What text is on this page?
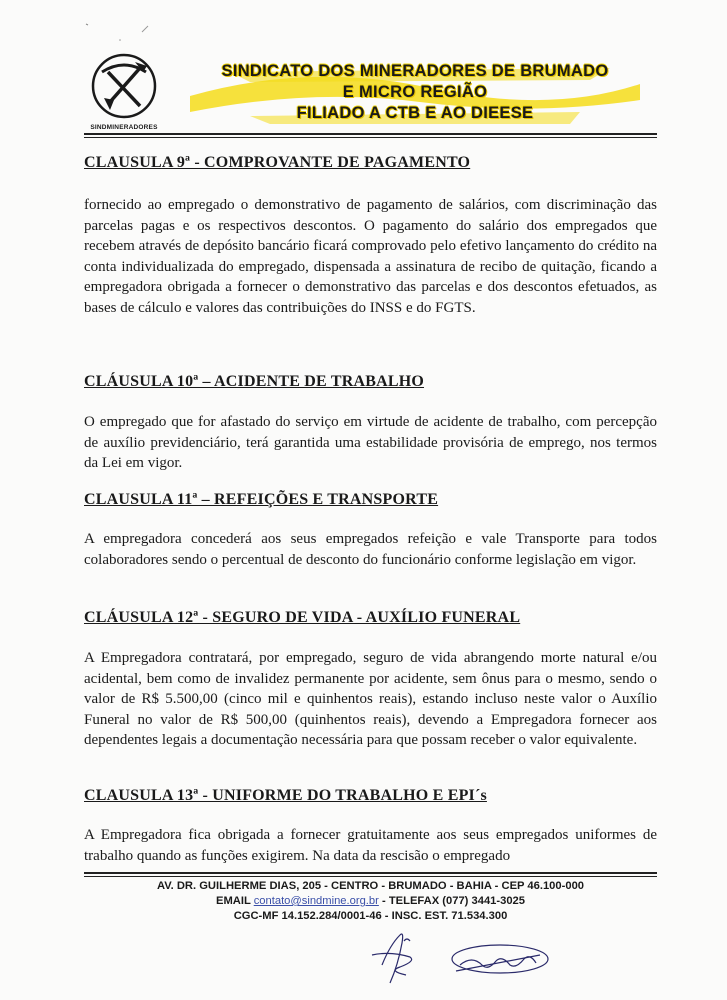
SINDMINERADORES
SINDICATO DOS MINERADORES DE BRUMADO
E MICRO REGIÃO
FILIADO A CTB E AO DIEESE
CLAUSULA 9ª - COMPROVANTE DE PAGAMENTO

fornecido ao empregado o demonstrativo de pagamento de salários, com discriminação das parcelas pagas e os respectivos descontos. O pagamento do salário dos empregados que recebem através de depósito bancário ficará comprovado pelo efetivo lançamento do crédito na conta individualizada do empregado, dispensada a assinatura de recibo de quitação, ficando a empregadora obrigada a fornecer o demonstrativo das parcelas e dos descontos efetuados, as bases de cálculo e valores das contribuições do INSS e do FGTS.

CLÁUSULA 10ª – ACIDENTE DE TRABALHO

O empregado que for afastado do serviço em virtude de acidente de trabalho, com percepção de auxílio previdenciário, terá garantida uma estabilidade provisória de emprego, nos termos da Lei em vigor.

CLAUSULA 11ª – REFEIÇÕES E TRANSPORTE

A empregadora concederá aos seus empregados refeição e vale Transporte para todos colaboradores sendo o percentual de desconto do funcionário conforme legislação em vigor.

CLÁUSULA 12ª - SEGURO DE VIDA - AUXÍLIO FUNERAL

A Empregadora contratará, por empregado, seguro de vida abrangendo morte natural e/ou acidental, bem como de invalidez permanente por acidente, sem ônus para o mesmo, sendo o valor de R$ 5.500,00 (cinco mil e quinhentos reais), estando incluso neste valor o Auxílio Funeral no valor de R$ 500,00 (quinhentos reais), devendo a Empregadora fornecer aos dependentes legais a documentação necessária para que possam receber o valor equivalente.

CLAUSULA 13ª - UNIFORME DO TRABALHO E EPI´s

A Empregadora fica obrigada a fornecer gratuitamente aos seus empregados uniformes de trabalho quando as funções exigirem. Na data da rescisão o empregado

AV. DR. GUILHERME DIAS, 205 - CENTRO - BRUMADO - BAHIA - CEP 46.100-000
EMAIL contato@sindmine.org.br - TELEFAX (077) 3441-3025
CGC-MF 14.152.284/0001-46 - INSC. EST. 71.534.300
